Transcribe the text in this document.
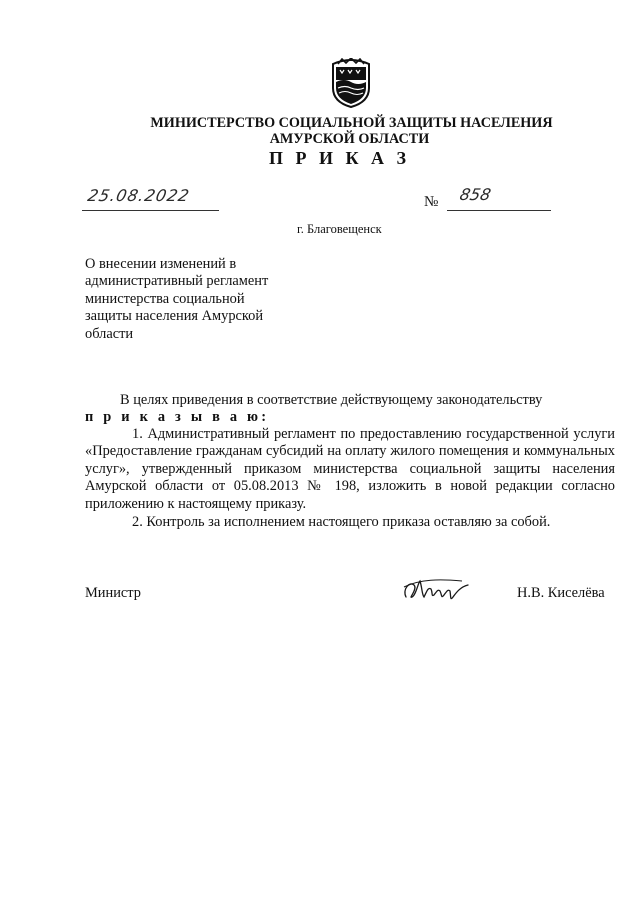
МИНИСТЕРСТВО СОЦИАЛЬНОЙ ЗАЩИТЫ НАСЕЛЕНИЯ
АМУРСКОЙ ОБЛАСТИ
П Р И К А З
25.08.2022	№ 858
г. Благовещенск
О внесении изменений в
административный регламент
министерства социальной
защиты населения Амурской
области
В целях приведения в соответствие действующему законодательству
п р и к а з ы в а ю:
1. Административный регламент по предоставлению государственной услуги «Предоставление гражданам субсидий на оплату жилого помещения и коммунальных услуг», утвержденный приказом министерства социальной защиты населения Амурской области от 05.08.2013 № 198, изложить в новой редакции согласно приложению к настоящему приказу.
2. Контроль за исполнением настоящего приказа оставляю за собой.
Министр	Н.В. Киселёва
